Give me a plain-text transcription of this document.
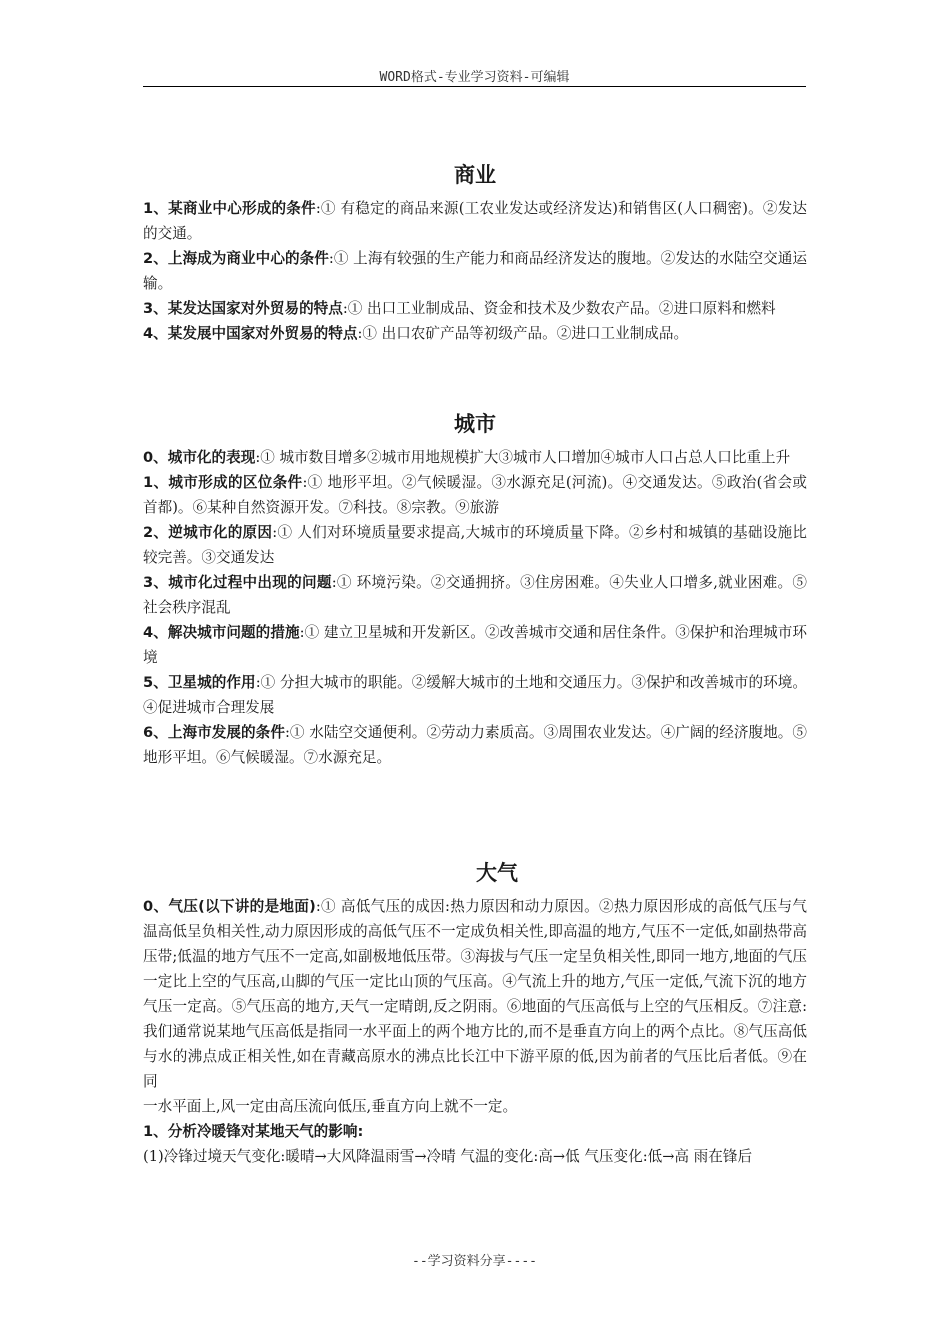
WORD格式-专业学习资料-可编辑
商业

1、某商业中心形成的条件:① 有稳定的商品来源(工农业发达或经济发达)和销售区(人口稠密)。②发达的交通。

2、上海成为商业中心的条件:① 上海有较强的生产能力和商品经济发达的腹地。②发达的水陆空交通运输。

3、某发达国家对外贸易的特点:① 出口工业制成品、资金和技术及少数农产品。②进口原料和燃料

4、某发展中国家对外贸易的特点:① 出口农矿产品等初级产品。②进口工业制成品。

城市

0、城市化的表现:① 城市数目增多②城市用地规模扩大③城市人口增加④城市人口占总人口比重上升

1、城市形成的区位条件:① 地形平坦。②气候暖湿。③水源充足(河流)。④交通发达。⑤政治(省会或首都)。⑥某种自然资源开发。⑦科技。⑧宗教。⑨旅游

2、逆城市化的原因:① 人们对环境质量要求提高,大城市的环境质量下降。②乡村和城镇的基础设施比较完善。③交通发达

3、城市化过程中出现的问题:① 环境污染。②交通拥挤。③住房困难。④失业人口增多,就业困难。⑤社会秩序混乱

4、解决城市问题的措施:① 建立卫星城和开发新区。②改善城市交通和居住条件。③保护和治理城市环境

5、卫星城的作用:① 分担大城市的职能。②缓解大城市的土地和交通压力。③保护和改善城市的环境。④促进城市合理发展

6、上海市发展的条件:① 水陆空交通便利。②劳动力素质高。③周围农业发达。④广阔的经济腹地。⑤地形平坦。⑥气候暖湿。⑦水源充足。

大气

0、气压(以下讲的是地面):① 高低气压的成因:热力原因和动力原因。②热力原因形成的高低气压与气温高低呈负相关性,动力原因形成的高低气压不一定成负相关性,即高温的地方,气压不一定低,如副热带高压带;低温的地方气压不一定高,如副极地低压带。③海拔与气压一定呈负相关性,即同一地方,地面的气压一定比上空的气压高,山脚的气压一定比山顶的气压高。④气流上升的地方,气压一定低,气流下沉的地方气压一定高。⑤气压高的地方,天气一定晴朗,反之阴雨。⑥地面的气压高低与上空的气压相反。⑦注意:我们通常说某地气压高低是指同一水平面上的两个地方比的,而不是垂直方向上的两个点比。⑧气压高低与水的沸点成正相关性,如在青藏高原水的沸点比长江中下游平原的低,因为前者的气压比后者低。⑨在同

一水平面上,风一定由高压流向低压,垂直方向上就不一定。

1、分析冷暖锋对某地天气的影响:

(1)冷锋过境天气变化:暖晴→大风降温雨雪→冷晴 气温的变化:高→低 气压变化:低→高 雨在锋后

--学习资料分享----
